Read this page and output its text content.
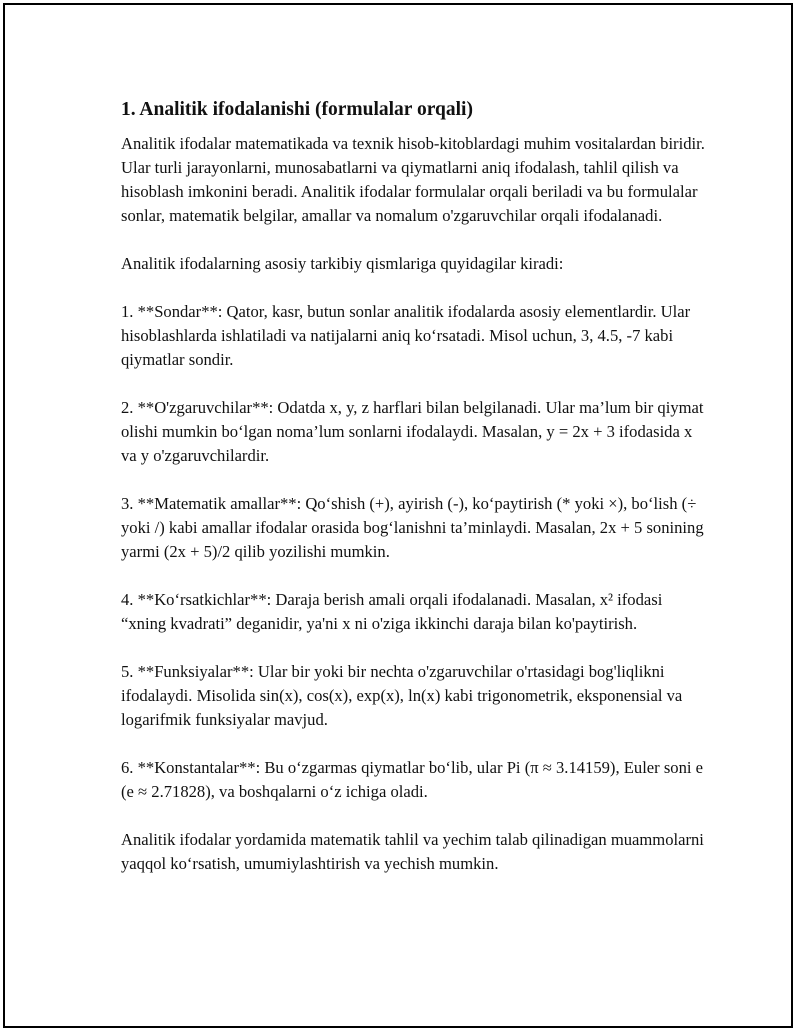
1. Analitik ifodalanishi (formulalar orqali)

Analitik ifodalar matematikada va texnik hisob-kitoblardagi muhim vositalardan biridir. Ular turli jarayonlarni, munosabatlarni va qiymatlarni aniq ifodalash, tahlil qilish va hisoblash imkonini beradi. Analitik ifodalar formulalar orqali beriladi va bu formulalar sonlar, matematik belgilar, amallar va nomalum o'zgaruvchilar orqali ifodalanadi.

Analitik ifodalarning asosiy tarkibiy qismlariga quyidagilar kiradi:

1. **Sondar**: Qator, kasr, butun sonlar analitik ifodalarda asosiy elementlardir. Ular hisoblashlarda ishlatiladi va natijalarni aniq ko‘rsatadi. Misol uchun, 3, 4.5, -7 kabi qiymatlar sondir.

2. **O'zgaruvchilar**: Odatda x, y, z harflari bilan belgilanadi. Ular ma’lum bir qiymat olishi mumkin bo‘lgan noma’lum sonlarni ifodalaydi. Masalan, y = 2x + 3 ifodasida x va y o'zgaruvchilardir.

3. **Matematik amallar**: Qo‘shish (+), ayirish (-), ko‘paytirish (* yoki ×), bo‘lish (÷ yoki /) kabi amallar ifodalar orasida bog‘lanishni ta’minlaydi. Masalan, 2x + 5 sonining yarmi (2x + 5)/2 qilib yozilishi mumkin.

4. **Ko‘rsatkichlar**: Daraja berish amali orqali ifodalanadi. Masalan, x² ifodasi “xning kvadrati” deganidir, ya'ni x ni o'ziga ikkinchi daraja bilan ko'paytirish.

5. **Funksiyalar**: Ular bir yoki bir nechta o'zgaruvchilar o'rtasidagi bog'liqlikni ifodalaydi. Misolida sin(x), cos(x), exp(x), ln(x) kabi trigonometrik, eksponensial va logarifmik funksiyalar mavjud.

6. **Konstantalar**: Bu o‘zgarmas qiymatlar bo‘lib, ular Pi (π ≈ 3.14159), Euler soni e (e ≈ 2.71828), va boshqalarni o‘z ichiga oladi.

Analitik ifodalar yordamida matematik tahlil va yechim talab qilinadigan muammolarni yaqqol ko‘rsatish, umumiylashtirish va yechish mumkin.
